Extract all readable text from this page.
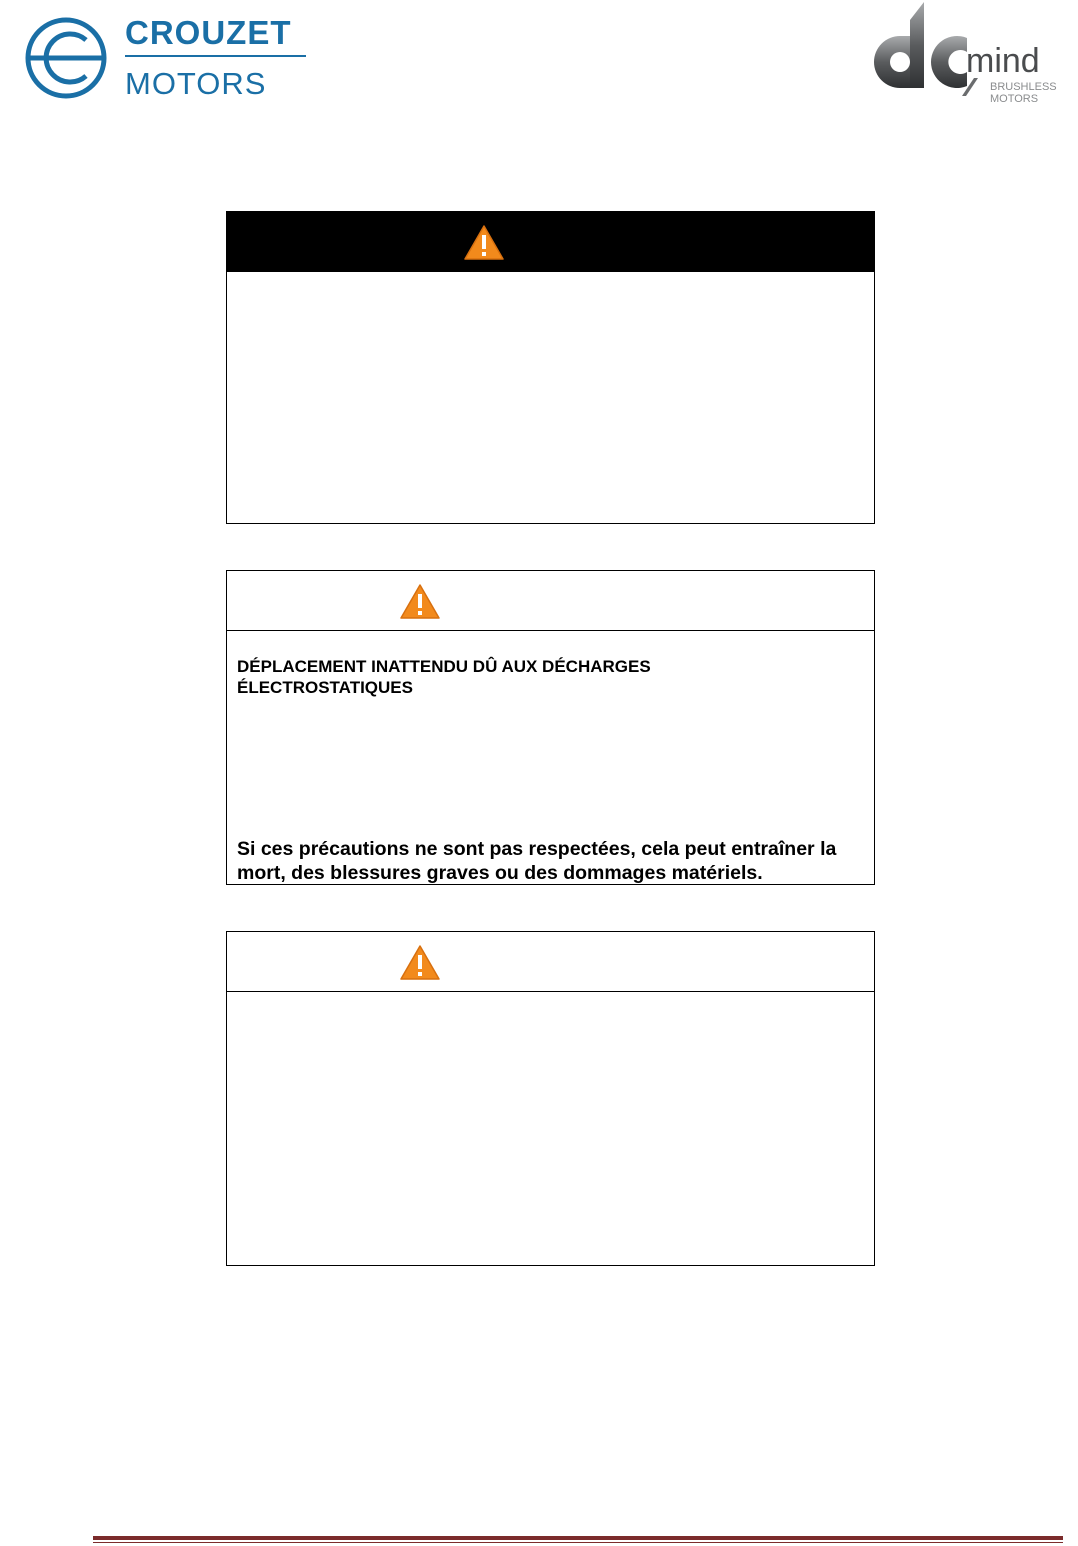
CROUZET
MOTORS
mind
BRUSHLESS
MOTORS
DÉPLACEMENT INATTENDU DÛ AUX DÉCHARGES ÉLECTROSTATIQUES
Si ces précautions ne sont pas respectées, cela peut entraîner la mort, des blessures graves ou des dommages matériels.
